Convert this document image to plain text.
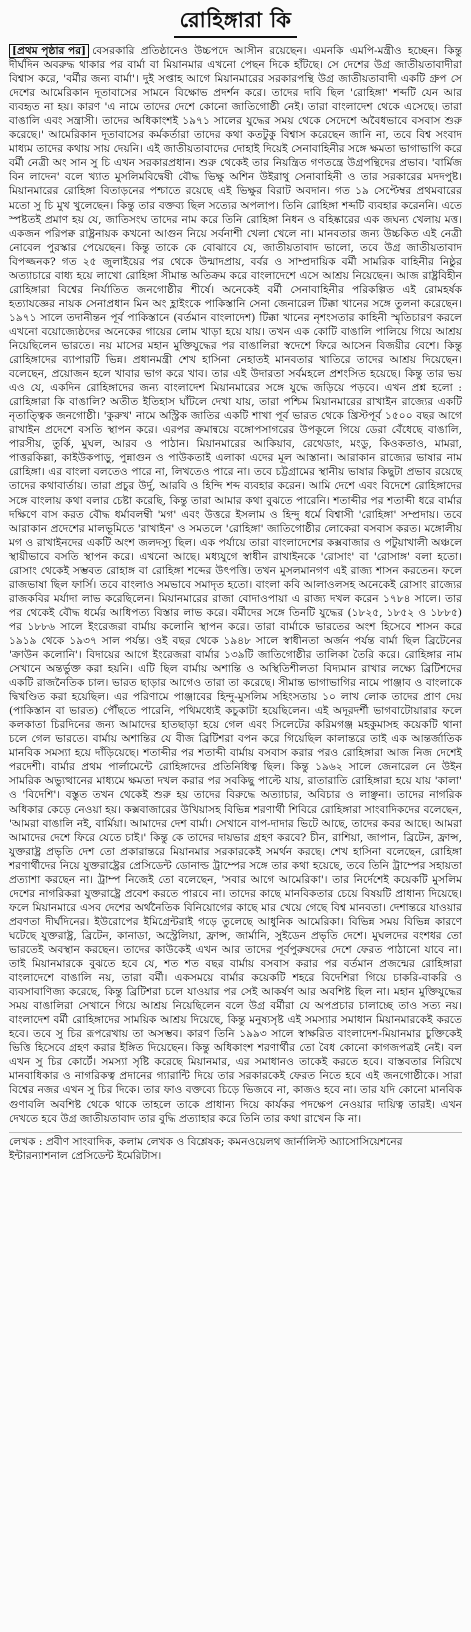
রোহিঙ্গারা কি

[প্রথম পৃষ্ঠার পর] বেসরকারি প্রতিষ্ঠানেও উচ্চপদে আসীন রয়েছেন। এমনকি এমপি-মন্ত্রীও হচ্ছেন। কিন্তু দীর্ঘদিন অবরুদ্ধ থাকার পর বার্মা বা মিয়ানমার এখনো পেছন দিকে হাঁটছে। সে দেশের উগ্র জাতীয়তাবাদীরা বিশ্বাস করে, 'বর্মীর জন্য বার্মা'। দুই সপ্তাহ আগে মিয়ানমারের সরকারপন্থি উগ্র জাতীয়তাবাদী একটি গ্রুপ সে দেশের আমেরিকান দূতাবাসের সামনে বিক্ষোভ প্রদর্শন করে। তাদের দাবি ছিল 'রোহিঙ্গা' শব্দটি যেন আর ব্যবহৃত না হয়। কারণ 'এ নামে তাদের দেশে কোনো জাতিগোষ্ঠী নেই। তারা বাংলাদেশ থেকে এসেছে। তারা বাঙালি এবং সন্ত্রাসী। তাদের অধিকাংশই ১৯৭১ সালের যুদ্ধের সময় থেকে সেদেশে অবৈধভাবে বসবাস শুরু করেছে।' আমেরিকান দূতাবাসের কর্মকর্তারা তাদের কথা কতটুকু বিশ্বাস করেছেন জানি না, তবে বিশ্ব সংবাদ মাধ্যম তাদের কথায় সায় দেয়নি। এই জাতীয়তাবাদের দোহাই দিয়েই সেনাবাহিনীর সঙ্গে ক্ষমতা ভাগাভাগি করে বর্মী নেত্রী অং সান সু চি এখন সরকারপ্রধান। শুরু থেকেই তার নিয়ন্ত্রিত গণতন্ত্রে উগ্রপন্থিদের প্রভাব। 'বার্মিজ বিন লাদেন' বলে খ্যাত মুসলিমবিদ্বেষী বৌদ্ধ ভিক্ষু অশিন উইরাথু সেনাবাহিনী ও তার সরকারের মদদপুষ্ট। মিয়ানমারের রোহিঙ্গা বিতাড়নের পশ্চাতে রয়েছে এই ভিক্ষুর বিরাট অবদান। গত ১৯ সেপ্টেম্বর প্রথমবারের মতো সু চি মুখ খুলেছেন। কিন্তু তার বক্তব্য ছিল সত্যের অপলাপ। তিনি রোহিঙ্গা শব্দটি ব্যবহার করেননি। এতে স্পষ্টতই প্রমাণ হয় যে, জাতিসংঘ তাদের নাম করে তিনি রোহিঙ্গা নিধন ও বহিষ্কারের এক জঘন্য খেলায় মত্ত। একজন পরিপক্ব রাষ্ট্রনায়ক কখনো আগুন নিয়ে সর্বনাশী খেলা খেলে না। মানবতার জন্য উচ্চকিত এই নেত্রী নোবেল পুরস্কার পেয়েছেন। কিন্তু তাকে কে বোঝাবে যে, জাতীয়তাবাদ ভালো, তবে উগ্র জাতীয়তাবাদ বিপজ্জনক? গত ২৫ জুলাইয়ের পর থেকে উন্মাদপ্রায়, বর্বর ও সাম্প্রদায়িক বর্মী সামরিক বাহিনীর নিষ্ঠুর অত্যাচারে বাধ্য হয়ে লাখো রোহিঙ্গা সীমান্ত অতিক্রম করে বাংলাদেশে এসে আশ্রয় নিয়েছেন। আজ রাষ্ট্রবিহীন রোহিঙ্গারা বিশ্বের নির্যাতিত জনগোষ্ঠীর শীর্ষে। অনেকেই বর্মী সেনাবাহিনীর পরিকল্পিত এই রোমহর্ষক হত্যাযজ্ঞের নায়ক সেনাপ্রধান মিন অং হ্লাইংকে পাকিস্তানি সেনা জেনারেল টিক্কা খানের সঙ্গে তুলনা করেছেন। ১৯৭১ সালে তদানীন্তন পূর্ব পাকিস্তানে (বর্তমান বাংলাদেশ) টিক্কা খানের নৃশংসতার কাহিনী স্মৃতিচারণ করলে এখনো বয়োজ্যেষ্ঠদের অনেকের গায়ের লোম খাড়া হয়ে যায়। তখন এক কোটি বাঙালি পালিয়ে গিয়ে আশ্রয় নিয়েছিলেন ভারতে। নয় মাসের মহান মুক্তিযুদ্ধের পর বাঙালিরা স্বদেশে ফিরে আসেন বিজয়ীর বেশে। কিন্তু রোহিঙ্গাদের ব্যাপারটি ভিন্ন। প্রধানমন্ত্রী শেখ হাসিনা নেহাতই মানবতার খাতিরে তাদের আশ্রয় দিয়েছেন। বলেছেন, প্রয়োজন হলে খাবার ভাগ করে খাব। তার এই উদারতা সর্বমহলে প্রশংসিত হয়েছে। কিন্তু তার ভয় এও যে, একদিন রোহিঙ্গাদের জন্য বাংলাদেশ মিয়ানমারের সঙ্গে যুদ্ধে জড়িয়ে পড়বে। এখন প্রশ্ন হলো : রোহিঙ্গারা কি বাঙালি? অতীত ইতিহাস ঘাঁটলে দেখা যায়, তারা পশ্চিম মিয়ানমারের রাখাইন রাজ্যের একটি নৃতাত্ত্বিক জনগোষ্ঠী। 'কুরুখ' নামে অস্ট্রিক জাতির একটি শাখা পূর্ব ভারত থেকে খ্রিস্টপূর্ব ১৫০০ বছর আগে রাখাইন প্রদেশে বসতি স্থাপন করে। এরপর ক্রমান্বয়ে বঙ্গোপসাগরের উপকূলে গিয়ে ডেরা বেঁধেছে বাঙালি, পারসীয়, তুর্কি, মুঘল, আরব ও পাঠান। মিয়ানমারের আকিয়াব, রেথেডাং, মংডু, কিওকতাও, মামরা, পাত্তরকিল্লা, কাইউকপাড়ু, পুন্নাগুন ও পাউকতাই এলাকা এদের মূল আস্তানা। আরাকান রাজ্যের ভাষার নাম রোহিঙ্গা। এর বাংলা বলতেও পারে না, লিখতেও পারে না। তবে চট্টগ্রামের স্থানীয় ভাষার কিছুটা প্রভাব রয়েছে তাদের কথাবার্তায়। তারা প্রচুর উর্দু, আরবি ও হিন্দি শব্দ ব্যবহার করেন। আমি দেশে এবং বিদেশে রোহিঙ্গাদের সঙ্গে বাংলায় কথা বলার চেষ্টা করেছি, কিন্তু তারা আমার কথা বুঝতে পারেনি। শতাব্দীর পর শতাব্দী ধরে বার্মার দক্ষিণে বাস করত বৌদ্ধ ধর্মাবলম্বী 'মগ' এবং উত্তরে ইসলাম ও হিন্দু ধর্মে বিশ্বাসী 'রোহিঙ্গা' সম্প্রদায়। তবে আরাকান প্রদেশের মালভূমিতে 'রাখাইন' ও সমতলে 'রোহিঙ্গা' জাতিগোষ্ঠীর লোকেরা বসবাস করত। মঙ্গোলীয় মগ ও রাখাইনদের একটি অংশ জলদস্যু ছিল। এক পর্যায়ে তারা বাংলাদেশের কক্সবাজার ও পটুয়াখালী অঞ্চলে স্থায়ীভাবে বসতি স্থাপন করে। এখনো আছে। মধ্যযুগে স্বাধীন রাখাইনকে 'রোসাং' বা 'রোসাঙ্গ' বলা হতো। রোসাং থেকেই সম্ভবত রোহাঙ্গ বা রোহিঙ্গা শব্দের উৎপত্তি। তখন মুসলমানগণ এই রাজ্য শাসন করতেন। ফলে রাজভাষা ছিল ফার্সি। তবে বাংলাও সমভাবে সমাদৃত হতো। বাংলা কবি আলাওলসহ অনেকেই রোসাং রাজ্যের রাজকবির মর্যাদা লাভ করেছিলেন। মিয়ানমারের রাজা বোদাওপায়া এ রাজ্য দখল করেন ১৭৮৪ সালে। তার পর থেকেই বৌদ্ধ ধর্মের আধিপত্য বিস্তার লাভ করে। বর্মীদের সঙ্গে তিনটি যুদ্ধের (১৮২৫, ১৮৫২ ও ১৮৮৫) পর ১৮৮৬ সালে ইংরেজরা বার্মায় কলোনি স্থাপন করে। তারা বার্মাকে ভারতের অংশ হিসেবে শাসন করে ১৯১৯ থেকে ১৯৩৭ সাল পর্যন্ত। ওই বছর থেকে ১৯৪৮ সালে স্বাধীনতা অর্জন পর্যন্ত বার্মা ছিল ব্রিটেনের 'ক্রাউন কলোনি'। বিদায়ের আগে ইংরেজরা বার্মার ১৩৯টি জাতিগোষ্ঠীর তালিকা তৈরি করে। রোহিঙ্গার নাম সেখানে অন্তর্ভুক্ত করা হয়নি। এটি ছিল বার্মায় অশান্তি ও অস্থিতিশীলতা বিদ্যমান রাখার লক্ষ্যে ব্রিটিশদের একটি রাজনৈতিক চাল। ভারত ছাড়ার আগেও তারা তা করেছে। সীমান্ত ভাগাভাগির নামে পাঞ্জাব ও বাংলাকে দ্বিখণ্ডিত করা হয়েছিল। এর পরিণামে পাঞ্জাবের হিন্দু-মুসলিম সহিংসতায় ১০ লাখ লোক তাদের প্রাণ দেয় (পাকিস্তান বা ভারত) পৌঁছতে পারেনি, পথিমধ্যেই কচুকাটা হয়েছিলেন। এই অদূরদর্শী ভাগবাটোয়ারার ফলে কলকাতা চিরদিনের জন্য আমাদের হাতছাড়া হয়ে গেল এবং সিলেটের করিমগঞ্জ মহকুমাসহ কয়েকটি থানা চলে গেল ভারতে। বার্মায় অশান্তির যে বীজ ব্রিটিশরা বপন করে গিয়েছিল কালান্তরে তাই এক আন্তর্জাতিক মানবিক সমস্যা হয়ে দাঁড়িয়েছে। শতাব্দীর পর শতাব্দী বার্মায় বসবাস করার পরও রোহিঙ্গারা আজ নিজ দেশেই পরদেশী। বার্মার প্রথম পার্লামেন্টে রোহিঙ্গাদের প্রতিনিধিত্ব ছিল। কিন্তু ১৯৬২ সালে জেনারেল নে উইন সামরিক অভ্যুত্থানের মাধ্যমে ক্ষমতা দখল করার পর সবকিছু পাল্টে যায়, রাতারাতি রোহিঙ্গারা হয়ে যায় 'কালা' ও 'বিদেশি'। বস্তুত তখন থেকেই শুরু হয় তাদের বিরুদ্ধে অত্যাচার, অবিচার ও লাঞ্ছনা। তাদের নাগরিক অধিকার কেড়ে নেওয়া হয়। কক্সবাজারের উখিয়াসহ বিভিন্ন শরণার্থী শিবিরে রোহিঙ্গারা সাংবাদিকদের বলেছেন, 'আমরা বাঙালি নই, বার্মিয়া। আমাদের দেশ বার্মা। সেখানে বাপ-দাদার ভিটে আছে, তাদের কবর আছে। আমরা আমাদের দেশে ফিরে যেতে চাই।' কিন্তু কে তাদের দায়ভার গ্রহণ করবে? চীন, রাশিয়া, জাপান, ব্রিটেন, ফ্রান্স, যুক্তরাষ্ট্র প্রভৃতি দেশ তো প্রকারান্তরে মিয়ানমার সরকারকেই সমর্থন করছে। শেখ হাসিনা বলেছেন, রোহিঙ্গা শরণার্থীদের নিয়ে যুক্তরাষ্ট্রের প্রেসিডেন্ট ডোনাল্ড ট্রাম্পের সঙ্গে তার কথা হয়েছে, তবে তিনি ট্রাম্পের সহায়তা প্রত্যাশা করছেন না। ট্রাম্প নিজেই তো বলেছেন, 'সবার আগে আমেরিকা'। তার নির্দেশেই কয়েকটি মুসলিম দেশের নাগরিকরা যুক্তরাষ্ট্রে প্রবেশ করতে পারবে না। তাদের কাছে মানবিকতার চেয়ে বিষয়টি প্রাধান্য দিয়েছে। ফলে মিয়ানমারে এসব দেশের অর্থনৈতিক বিনিয়োগের কাছে মার খেয়ে গেছে বিশ্ব মানবতা। দেশান্তরে যাওয়ার প্রবণতা দীর্ঘদিনের। ইউরোপের ইমিগ্রেন্টরাই গড়ে তুলেছে আধুনিক আমেরিকা। বিভিন্ন সময় বিভিন্ন কারণে ঘটেছে যুক্তরাষ্ট্র, ব্রিটেন, কানাডা, অস্ট্রেলিয়া, ফ্রান্স, জার্মানি, সুইডেন প্রভৃতি দেশে। মুঘলদের বংশধর তো ভারতেই অবস্থান করছেন। তাদের কাউকেই এখন আর তাদের পূর্বপুরুষদের দেশে ফেরত পাঠানো যাবে না। তাই মিয়ানমারকে বুঝতে হবে যে, শত শত বছর বার্মায় বসবাস করার পর বর্তমান প্রজন্মের রোহিঙ্গারা বাংলাদেশে বাঙালি নয়, তারা বর্মী। একসময়ে বার্মার কয়েকটি শহরে বিদেশিরা গিয়ে চাকরি-বাকরি ও ব্যবসাবাণিজ্য করেছে, কিন্তু ব্রিটিশরা চলে যাওয়ার পর সেই আকর্ষণ আর অবশিষ্ট ছিল না। মহান মুক্তিযুদ্ধের সময় বাঙালিরা সেখানে গিয়ে আশ্রয় নিয়েছিলেন বলে উগ্র বর্মীরা যে অপপ্রচার চালাচ্ছে তাও সত্য নয়। বাংলাদেশ বর্মী রোহিঙ্গাদের সাময়িক আশ্রয় দিয়েছে, কিন্তু মনুষ্যসৃষ্ট এই সমস্যার সমাধান মিয়ানমারকেই করতে হবে। তবে সু চির রূপরেখায় তা অসম্ভব। কারণ তিনি ১৯৯৩ সালে স্বাক্ষরিত বাংলাদেশ-মিয়ানমার চুক্তিকেই ভিত্তি হিসেবে গ্রহণ করার ইঙ্গিত দিয়েছেন। কিন্তু অধিকাংশ শরণার্থীর তো বৈধ কোনো কাগজপত্রই নেই। বল এখন সু চির কোর্টে। সমস্যা সৃষ্টি করেছে মিয়ানমার, এর সমাধানও তাকেই করতে হবে। বাস্তবতার নিরিখে মানবাধিকার ও নাগরিকত্ব প্রদানের গ্যারান্টি দিয়ে তার সরকারকেই ফেরত নিতে হবে এই জনগোষ্ঠীকে। সারা বিশ্বের নজর এখন সু চির দিকে। তার ফাও বক্তব্যে চিড়ে ভিজবে না, কাজও হবে না। তার যদি কোনো মানবিক গুণাবলি অবশিষ্ট থেকে থাকে তাহলে তাকে প্রাধান্য দিয়ে কার্যকর পদক্ষেপ নেওয়ার দায়িত্ব তারই। এখন দেখতে হবে উগ্র জাতীয়তাবাদ তার বুদ্ধি প্রত্যাহার করে তিনি তার কথা রাখেন কি না।

লেখক : প্রবীণ সাংবাদিক, কলাম লেখক ও বিশ্লেষক; কমনওয়েলথ জার্নালিস্ট অ্যাসোসিয়েশনের ইন্টারন্যাশনাল প্রেসিডেন্ট ইমেরিটাস।
